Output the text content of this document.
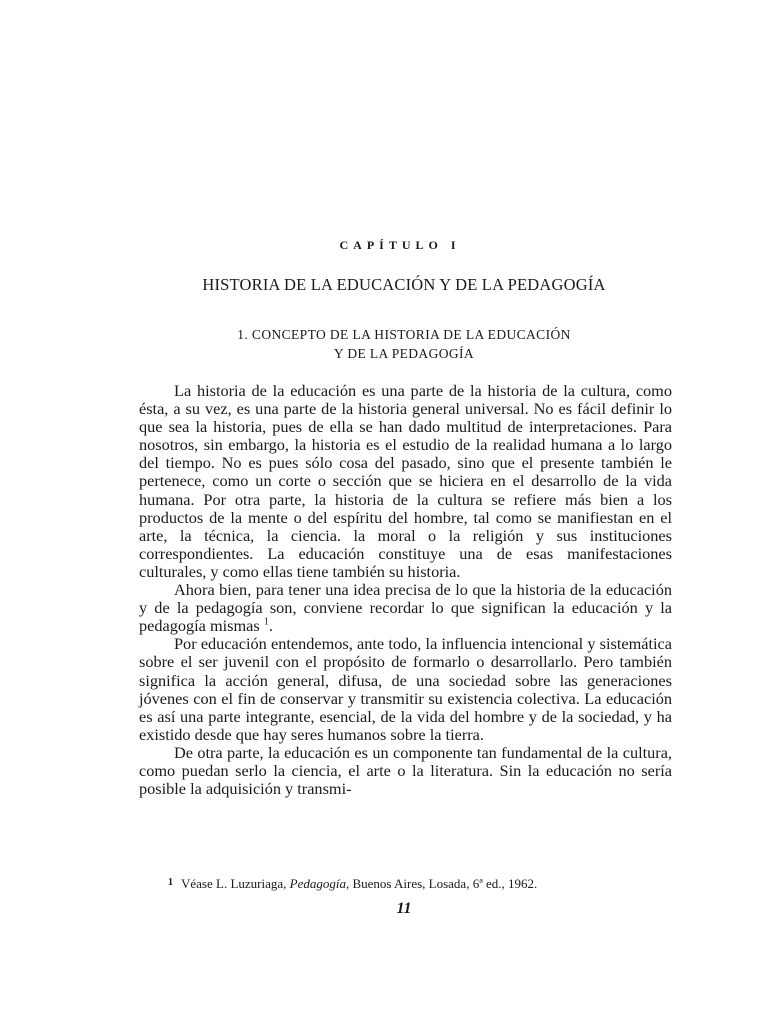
CAPÍTULO I
HISTORIA DE LA EDUCACIÓN Y DE LA PEDAGOGÍA
1. CONCEPTO DE LA HISTORIA DE LA EDUCACIÓN
Y DE LA PEDAGOGÍA

La historia de la educación es una parte de la historia de la cultura, como ésta, a su vez, es una parte de la historia general universal. No es fácil definir lo que sea la historia, pues de ella se han dado multitud de interpretaciones. Para nosotros, sin embargo, la historia es el estudio de la realidad humana a lo largo del tiempo. No es pues sólo cosa del pasado, sino que el presente también le pertenece, como un corte o sección que se hiciera en el desarrollo de la vida humana. Por otra parte, la historia de la cultura se refiere más bien a los productos de la mente o del espíritu del hombre, tal como se manifiestan en el arte, la técnica, la ciencia. la moral o la religión y sus instituciones correspondientes. La educación constituye una de esas manifestaciones culturales, y como ellas tiene también su historia.

Ahora bien, para tener una idea precisa de lo que la historia de la educación y de la pedagogía son, conviene recordar lo que significan la educación y la pedagogía mismas $^1$.

Por educación entendemos, ante todo, la influencia intencional y sistemática sobre el ser juvenil con el propósito de formarlo o desarrollarlo. Pero también significa la acción general, difusa, de una sociedad sobre las generaciones jóvenes con el fin de conservar y transmitir su existencia colectiva. La educación es así una parte integrante, esencial, de la vida del hombre y de la sociedad, y ha existido desde que hay seres humanos sobre la tierra.

De otra parte, la educación es un componente tan fundamental de la cultura, como puedan serlo la ciencia, el arte o la literatura. Sin la educación no sería posible la adquisición y transmi-

$^1$ Véase L. Luzuriaga, Pedagogía, Buenos Aires, Losada, 6ª ed., 1962.
11
